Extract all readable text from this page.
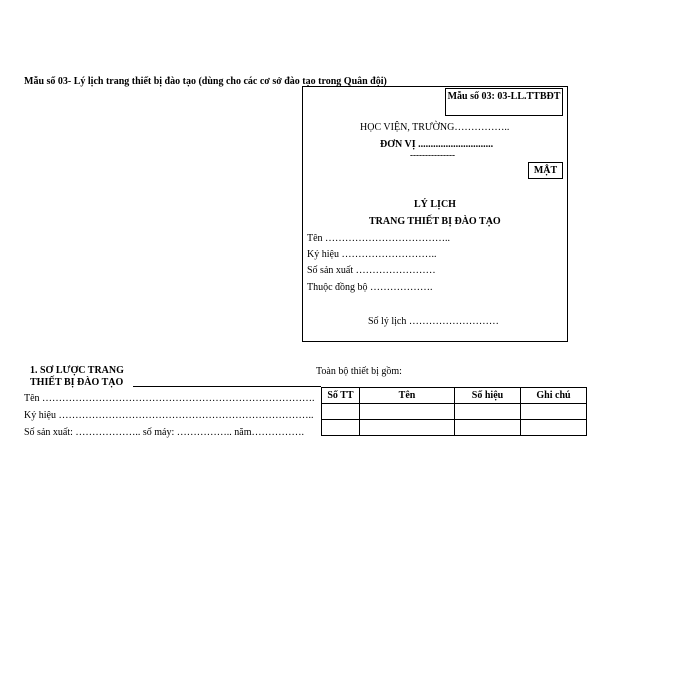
Mẫu số 03- Lý lịch trang thiết bị đào tạo (dùng cho các cơ sở đào tạo trong Quân đội)
Mẫu số 03: 03-LL.TTBĐT
HỌC VIỆN, TRƯỜNG……………..
ĐƠN VỊ ..............................
---------------
MẬT
LÝ LỊCH
TRANG THIẾT BỊ ĐÀO TẠO
Tên ………………………………..
Ký hiệu ………………………..
Số sản xuất ……………………
Thuộc đồng bộ ……………….
Số lý lịch ………………………
1. SƠ LƯỢC TRANG
THIẾT BỊ ĐÀO TẠO
Tên ……………………………………………………………………….
Ký hiệu …………………………………………………………………..
Số sản xuất: ……………….. số máy: …………….. năm…………….
Toàn bộ thiết bị gồm:
Số TT	Tên	Số hiệu	Ghi chú
